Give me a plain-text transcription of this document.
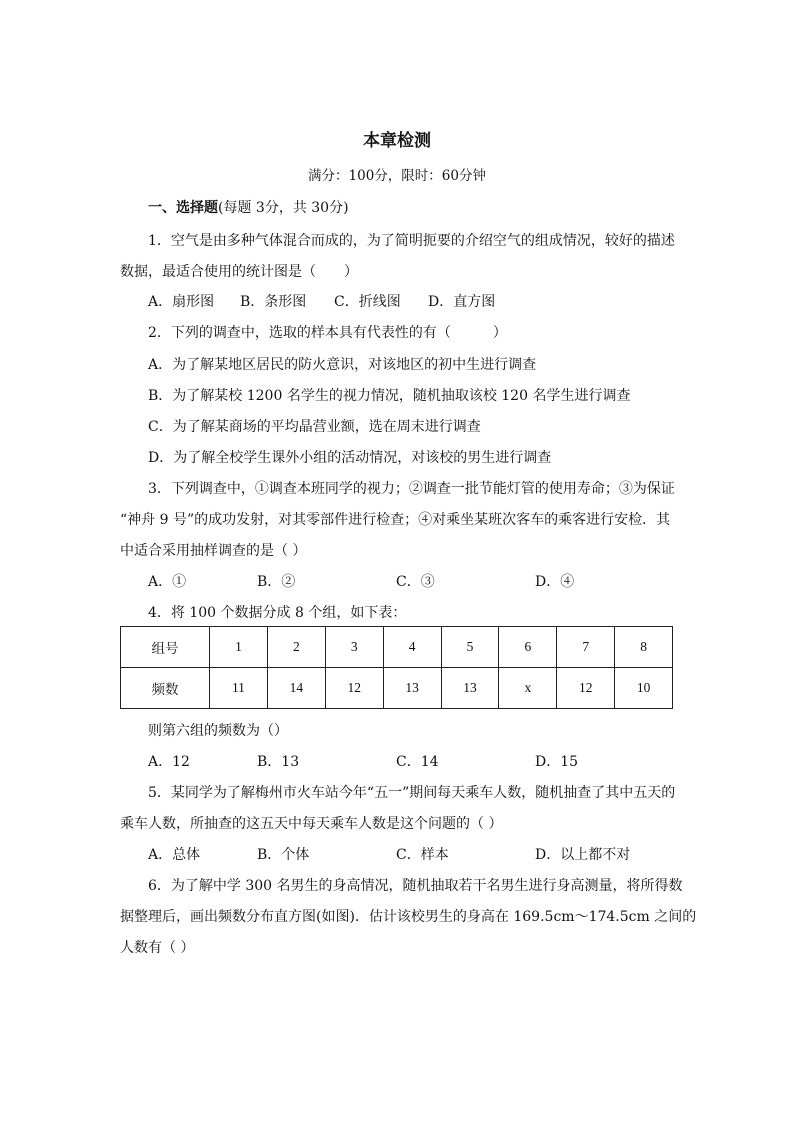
本章检测
满分：100分，限时：60分钟
一、选择题(每题 3分，共 30分)
1．空气是由多种气体混合而成的，为了简明扼要的介绍空气的组成情况，较好的描述
数据，最适合使用的统计图是（　　）
A．扇形图 B．条形图 C．折线图 D．直方图
2．下列的调查中，选取的样本具有代表性的有（　　　）
A．为了解某地区居民的防火意识，对该地区的初中生进行调查
B．为了解某校 1200 名学生的视力情况，随机抽取该校 120 名学生进行调查
C．为了解某商场的平均晶营业额，选在周末进行调查
D．为了解全校学生课外小组的活动情况，对该校的男生进行调查
3．下列调查中，①调查本班同学的视力；②调查一批节能灯管的使用寿命；③为保证
“神舟 9 号”的成功发射，对其零部件进行检查；④对乘坐某班次客车的乘客进行安检．其
中适合采用抽样调查的是（ ）
A．①	B．②	C．③	D．④
4．将 100 个数据分成 8 个组，如下表：
组号	1	2	3	4	5	6	7	8
频数	11	14	12	13	13	x	12	10
则第六组的频数为（）
A．12	B．13	C．14	D．15
5．某同学为了解梅州市火车站今年“五一”期间每天乘车人数，随机抽查了其中五天的
乘车人数，所抽查的这五天中每天乘车人数是这个问题的（ ）
A．总体	B．个体	C．样本	D．以上都不对
6．为了解中学 300 名男生的身高情况，随机抽取若干名男生进行身高测量，将所得数
据整理后，画出频数分布直方图(如图)．估计该校男生的身高在 169.5cm～174.5cm 之间的
人数有（ ）
